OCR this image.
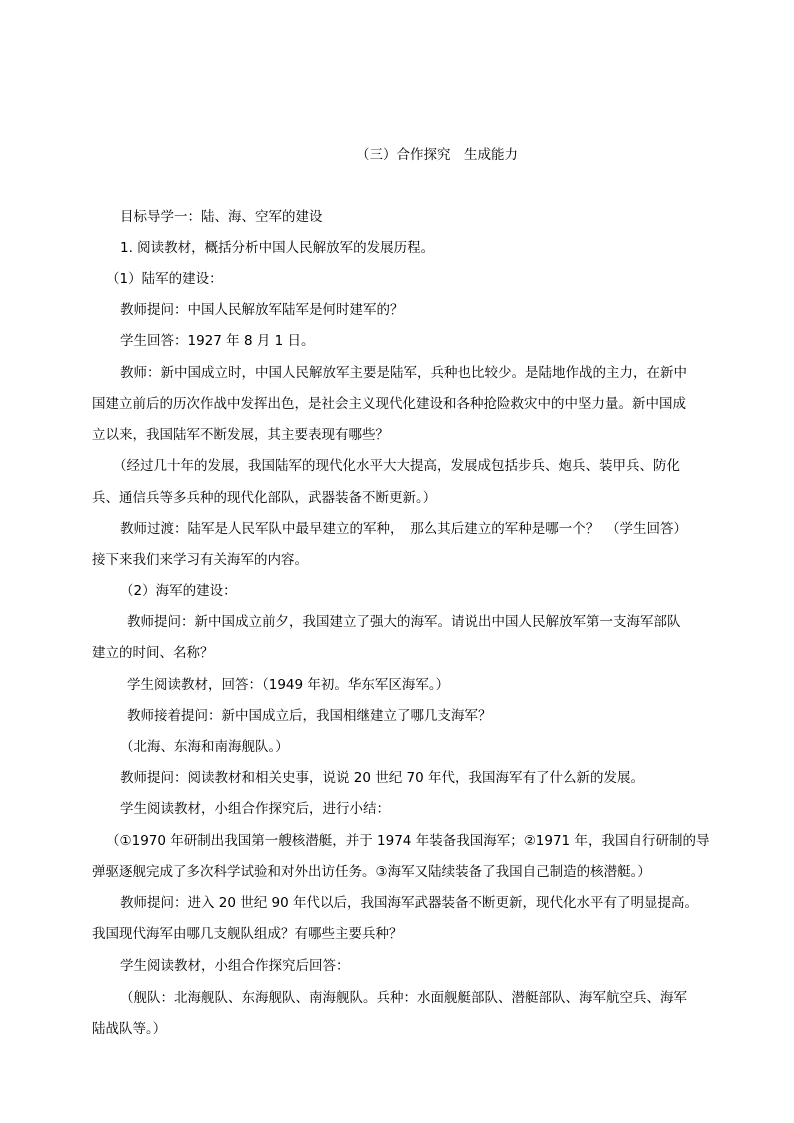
（三）合作探究　生成能力
目标导学一：陆、海、空军的建设
1. 阅读教材，概括分析中国人民解放军的发展历程。
（1）陆军的建设：
教师提问：中国人民解放军陆军是何时建军的？
学生回答：1927 年 8 月 1 日。
教师：新中国成立时，中国人民解放军主要是陆军，兵种也比较少。是陆地作战的主力，在新中
国建立前后的历次作战中发挥出色，是社会主义现代化建设和各种抢险救灾中的中坚力量。新中国成
立以来，我国陆军不断发展，其主要表现有哪些？
（经过几十年的发展，我国陆军的现代化水平大大提高，发展成包括步兵、炮兵、装甲兵、防化
兵、通信兵等多兵种的现代化部队，武器装备不断更新。）
教师过渡：陆军是人民军队中最早建立的军种，　那么其后建立的军种是哪一个？　（学生回答）
接下来我们来学习有关海军的内容。
（2）海军的建设：
教师提问：新中国成立前夕，我国建立了强大的海军。请说出中国人民解放军第一支海军部队
建立的时间、名称？
学生阅读教材，回答：（1949 年初。华东军区海军。）
教师接着提问：新中国成立后，我国相继建立了哪几支海军？
（北海、东海和南海舰队。）
教师提问：阅读教材和相关史事，说说 20 世纪 70 年代，我国海军有了什么新的发展。
学生阅读教材，小组合作探究后，进行小结：
（①1970 年研制出我国第一艘核潜艇，并于 1974 年装备我国海军；②1971 年，我国自行研制的导
弹驱逐舰完成了多次科学试验和对外出访任务。③海军又陆续装备了我国自己制造的核潜艇。）
教师提问：进入 20 世纪 90 年代以后，我国海军武器装备不断更新，现代化水平有了明显提高。
我国现代海军由哪几支舰队组成？有哪些主要兵种？
学生阅读教材，小组合作探究后回答：
（舰队：北海舰队、东海舰队、南海舰队。兵种：水面舰艇部队、潜艇部队、海军航空兵、海军
陆战队等。）
